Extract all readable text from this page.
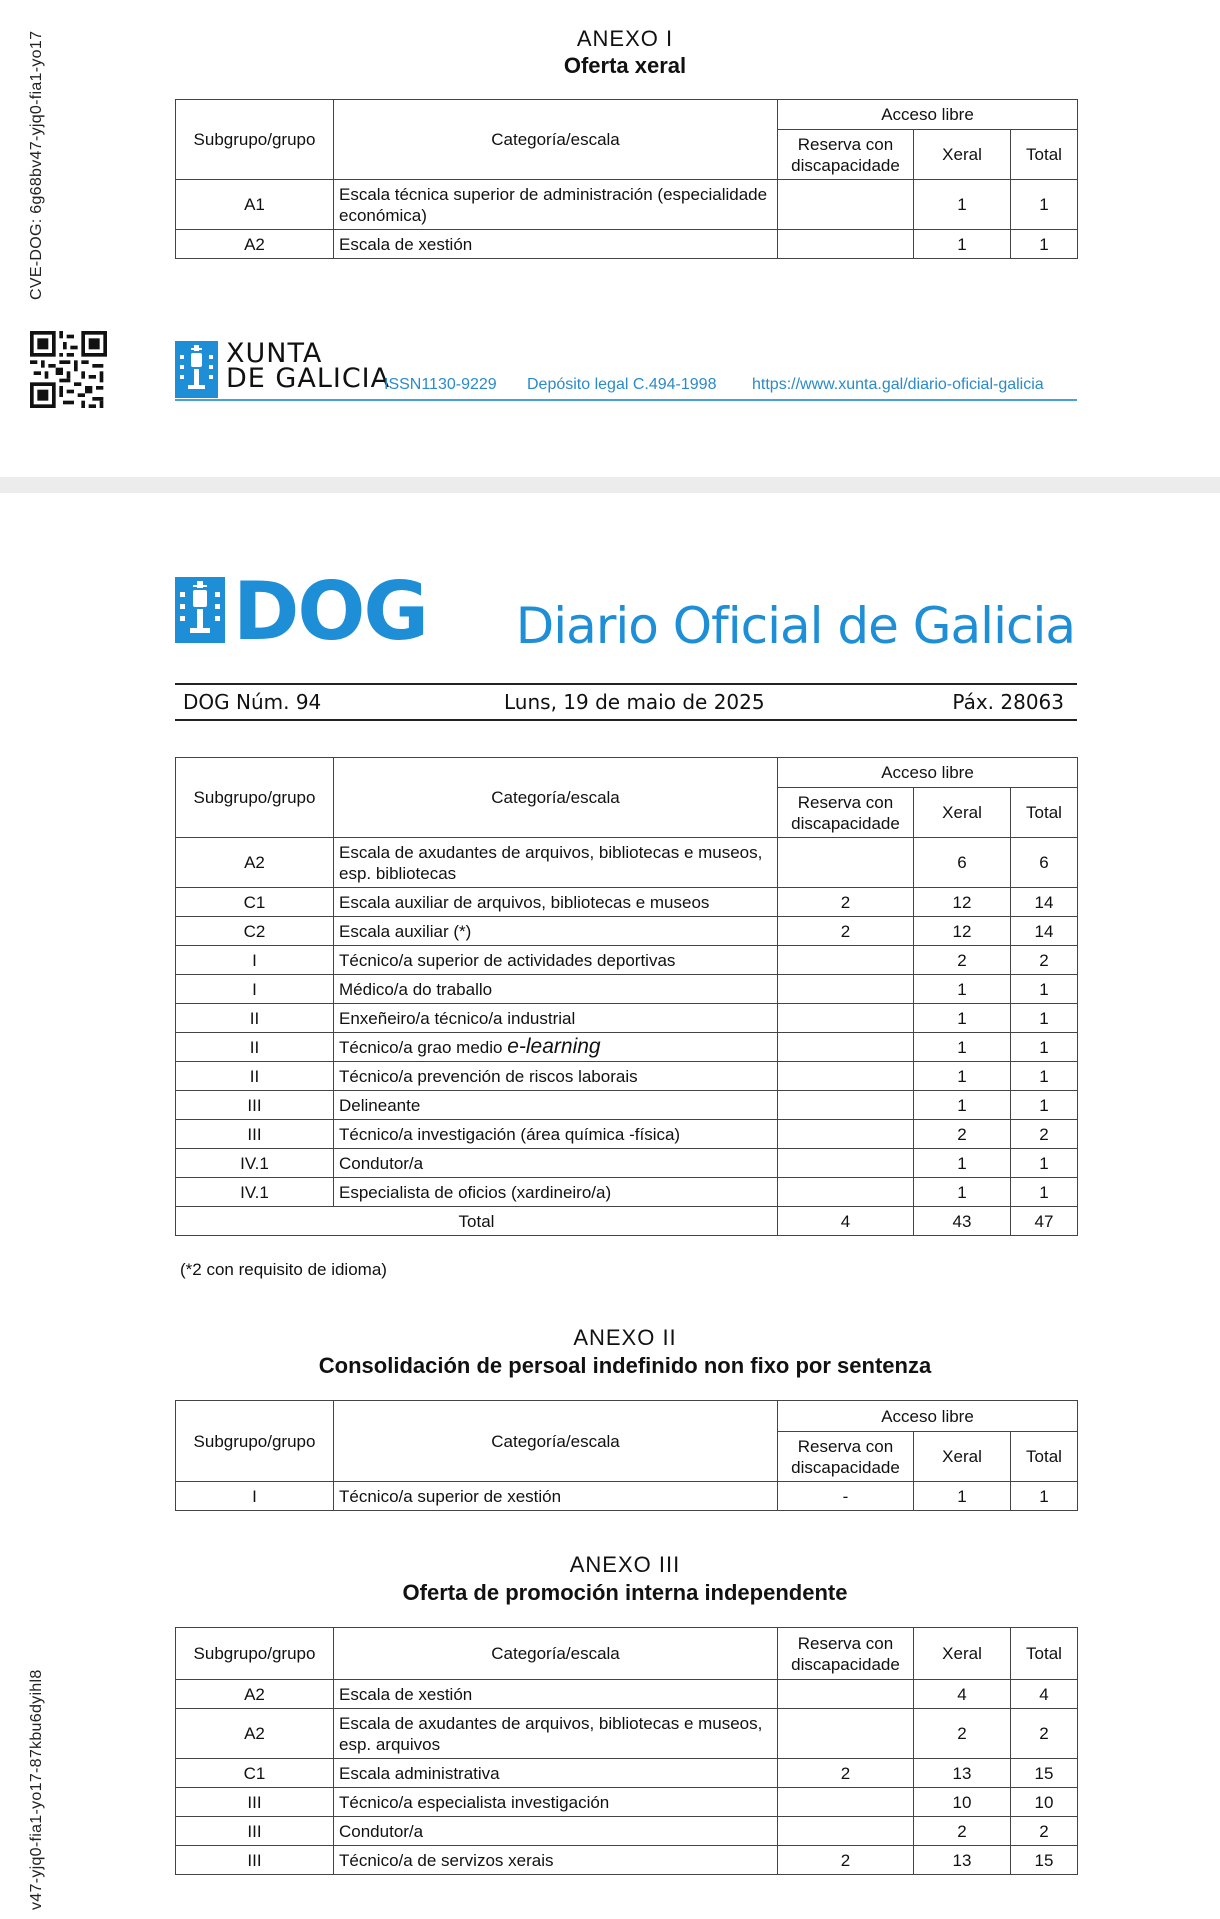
CVE-DOG: 6g68bv47-yjq0-fia1-yo17
v47-yjq0-fia1-yo17-87kbu6dyihl8
ANEXO I
Oferta xeral
Subgrupo/grupo	Categoría/escala	Acceso libre		
		Reserva con discapacidade	Xeral	Total
A1	Escala técnica superior de administración (especialidade económica)		1	1
A2	Escala de xestión		1	1
XUNTA
DE GALICIA
ISSN1130-9229 Depósito legal C.494-1998 https://www.xunta.gal/diario-oficial-galicia
DOG Diario Oficial de Galicia
DOG Núm. 94	Luns, 19 de maio de 2025	Páx. 28063
Subgrupo/grupo	Categoría/escala	Acceso libre		
		Reserva con discapacidade	Xeral	Total
A2	Escala de axudantes de arquivos, bibliotecas e museos, esp. bibliotecas		6	6
C1	Escala auxiliar de arquivos, bibliotecas e museos	2	12	14
C2	Escala auxiliar (*)	2	12	14
I	Técnico/a superior de actividades deportivas		2	2
I	Médico/a do traballo		1	1
II	Enxeñeiro/a técnico/a industrial		1	1
II	Técnico/a grao medio e-learning		1	1
II	Técnico/a prevención de riscos laborais		1	1
III	Delineante		1	1
III	Técnico/a investigación (área química -física)		2	2
IV.1	Condutor/a		1	1
IV.1	Especialista de oficios (xardineiro/a)		1	1
Total		4	43	47
(*2 con requisito de idioma)
ANEXO II
Consolidación de persoal indefinido non fixo por sentenza
Subgrupo/grupo	Categoría/escala	Acceso libre		
		Reserva con discapacidade	Xeral	Total
I	Técnico/a superior de xestión	-	1	1
ANEXO III
Oferta de promoción interna independente
Subgrupo/grupo	Categoría/escala	Reserva con discapacidade	Xeral	Total
A2	Escala de xestión		4	4
A2	Escala de axudantes de arquivos, bibliotecas e museos, esp. arquivos		2	2
C1	Escala administrativa	2	13	15
III	Técnico/a especialista investigación		10	10
III	Condutor/a		2	2
III	Técnico/a de servizos xerais	2	13	15
